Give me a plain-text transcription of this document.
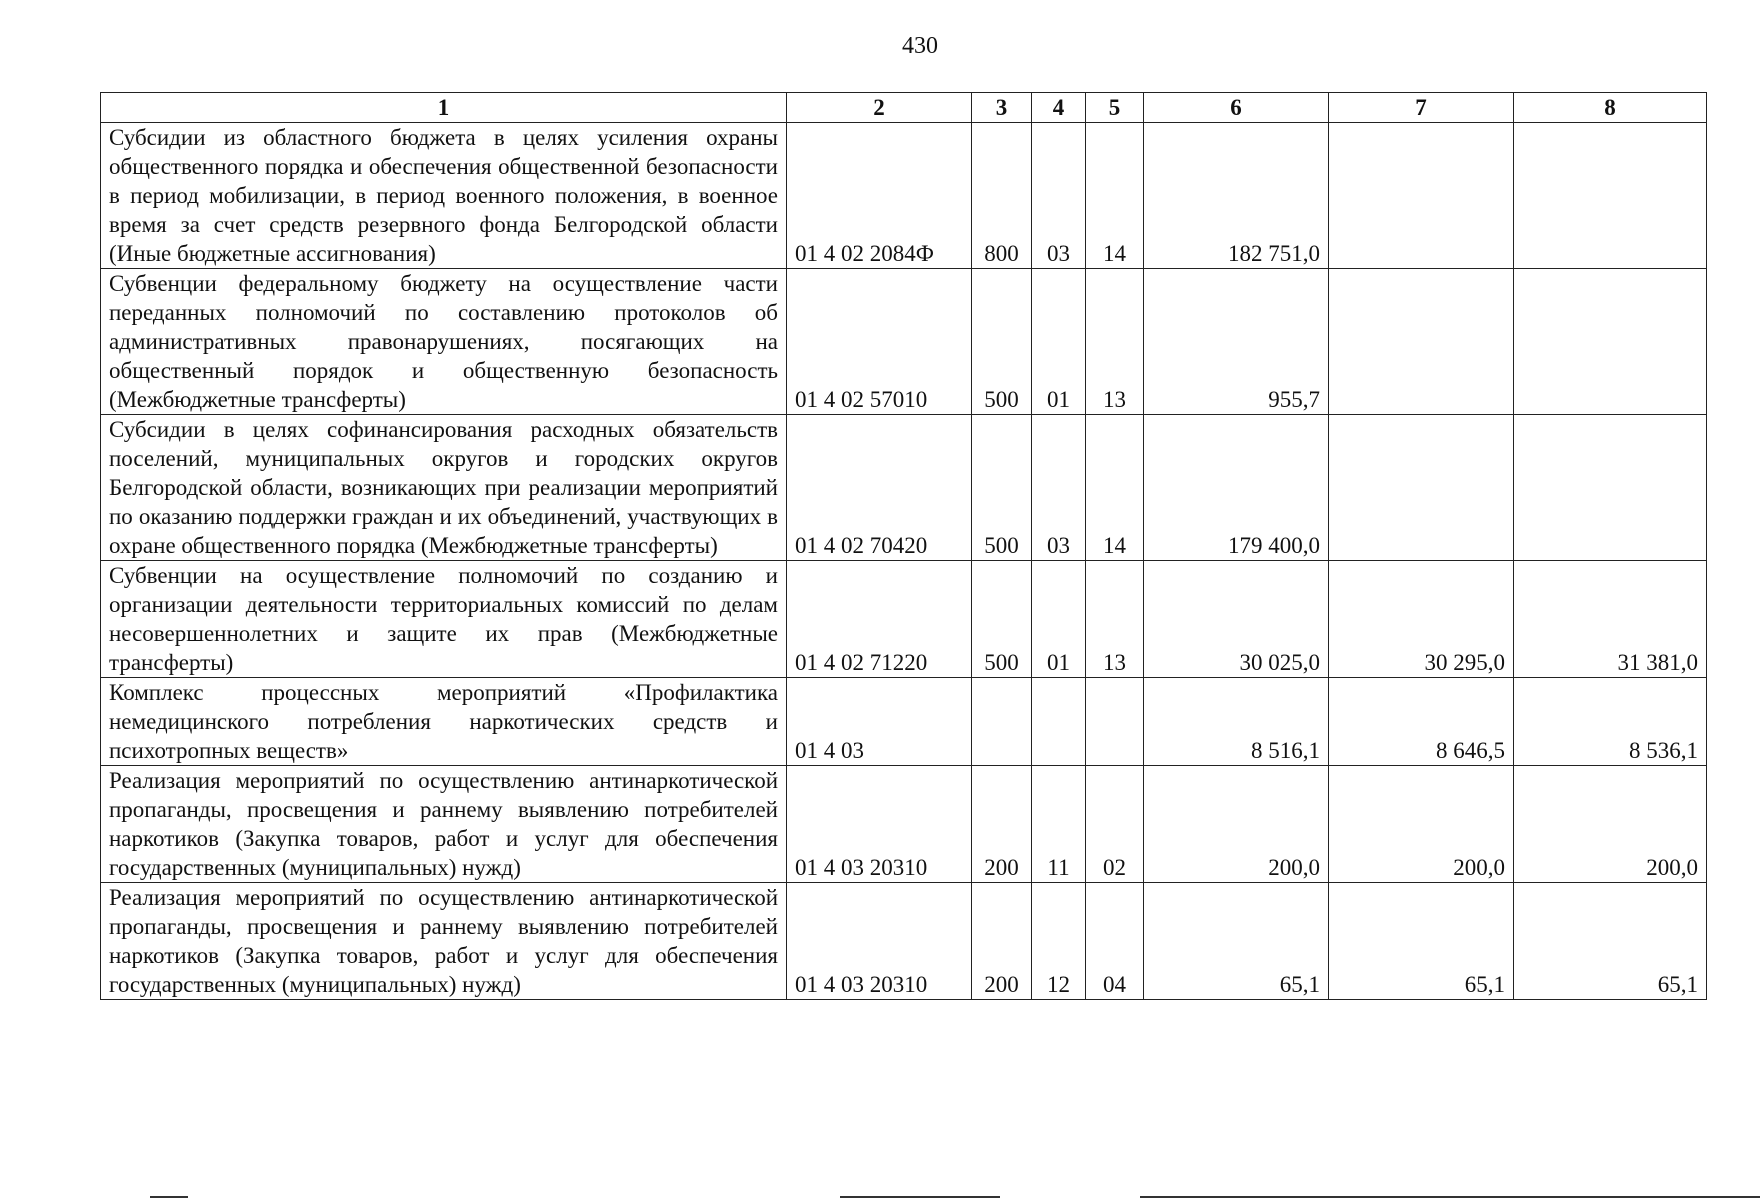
430
1	2	3	4	5	6	7	8
Субсидии из областного бюджета в целях усиления охраны общественного порядка и обеспечения общественной безопасности в период мобилизации, в период военного положения, в военное время за счет средств резервного фонда Белгородской области (Иные бюджетные ассигнования)	01 4 02 2084Ф	800	03	14	182 751,0		
Субвенции федеральному бюджету на осуществление части переданных полномочий по составлению протоколов об административных правонарушениях, посягающих на общественный порядок и общественную безопасность (Межбюджетные трансферты)	01 4 02 57010	500	01	13	955,7		
Субсидии в целях софинансирования расходных обязательств поселений, муниципальных округов и городских округов Белгородской области, возникающих при реализации мероприятий по оказанию поддержки граждан и их объединений, участвующих в охране общественного порядка (Межбюджетные трансферты)	01 4 02 70420	500	03	14	179 400,0		
Субвенции на осуществление полномочий по созданию и организации деятельности территориальных комиссий по делам несовершеннолетних и защите их прав (Межбюджетные трансферты)	01 4 02 71220	500	01	13	30 025,0	30 295,0	31 381,0
Комплекс процессных мероприятий «Профилактика немедицинского потребления наркотических средств и психотропных веществ»	01 4 03				8 516,1	8 646,5	8 536,1
Реализация мероприятий по осуществлению антинаркотической пропаганды, просвещения и раннему выявлению потребителей наркотиков (Закупка товаров, работ и услуг для обеспечения государственных (муниципальных) нужд)	01 4 03 20310	200	11	02	200,0	200,0	200,0
Реализация мероприятий по осуществлению антинаркотической пропаганды, просвещения и раннему выявлению потребителей наркотиков (Закупка товаров, работ и услуг для обеспечения государственных (муниципальных) нужд)	01 4 03 20310	200	12	04	65,1	65,1	65,1
